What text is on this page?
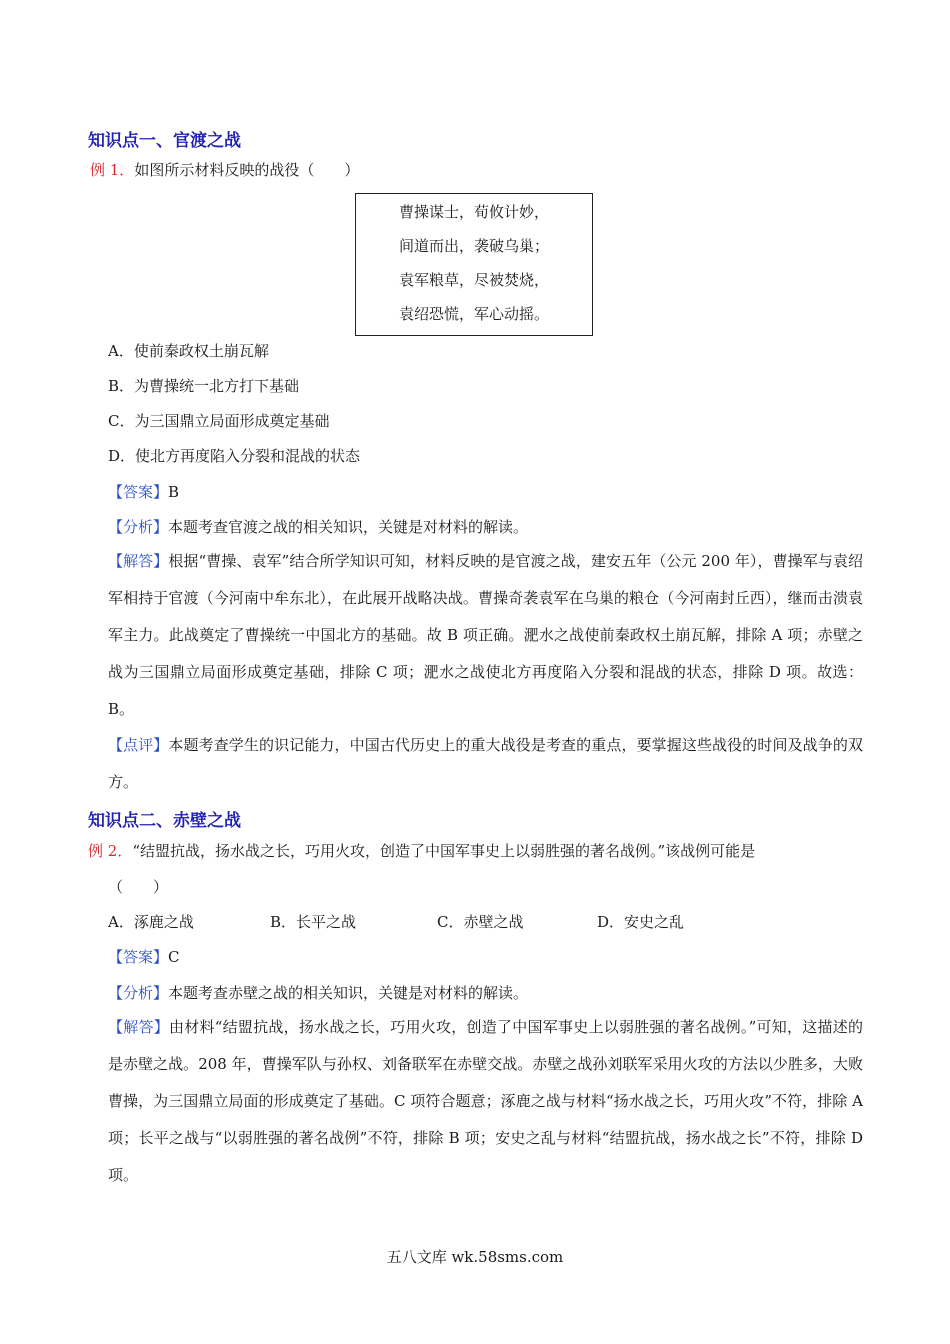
知识点一、官渡之战
例 1．如图所示材料反映的战役（　　）
曹操谋士，荀攸计妙，
间道而出，袭破乌巢；
袁军粮草，尽被焚烧，
袁绍恐慌，军心动摇。
A．使前秦政权土崩瓦解
B．为曹操统一北方打下基础
C．为三国鼎立局面形成奠定基础
D．使北方再度陷入分裂和混战的状态
【答案】B
【分析】本题考查官渡之战的相关知识，关键是对材料的解读。
【解答】根据“曹操、袁军”结合所学知识可知，材料反映的是官渡之战，建安五年（公元 200 年），曹操军与袁绍军相持于官渡（今河南中牟东北），在此展开战略决战。曹操奇袭袁军在乌巢的粮仓（今河南封丘西），继而击溃袁军主力。此战奠定了曹操统一中国北方的基础。故 B 项正确。淝水之战使前秦政权土崩瓦解，排除 A 项；赤壁之战为三国鼎立局面形成奠定基础，排除 C 项；淝水之战使北方再度陷入分裂和混战的状态，排除 D 项。故选：B。
【点评】本题考查学生的识记能力，中国古代历史上的重大战役是考查的重点，要掌握这些战役的时间及战争的双方。
知识点二、赤壁之战
例 2．“结盟抗战，扬水战之长，巧用火攻，创造了中国军事史上以弱胜强的著名战例。”该战例可能是
（　　）
A．涿鹿之战	B．长平之战	C．赤壁之战	D．安史之乱
【答案】C
【分析】本题考查赤壁之战的相关知识，关键是对材料的解读。
【解答】由材料“结盟抗战，扬水战之长，巧用火攻，创造了中国军事史上以弱胜强的著名战例。”可知，这描述的是赤壁之战。208 年，曹操军队与孙权、刘备联军在赤壁交战。赤壁之战孙刘联军采用火攻的方法以少胜多，大败曹操，为三国鼎立局面的形成奠定了基础。C 项符合题意；涿鹿之战与材料“扬水战之长，巧用火攻”不符，排除 A 项；长平之战与“以弱胜强的著名战例”不符，排除 B 项；安史之乱与材料“结盟抗战，扬水战之长”不符，排除 D 项。
五八文库 wk.58sms.com
